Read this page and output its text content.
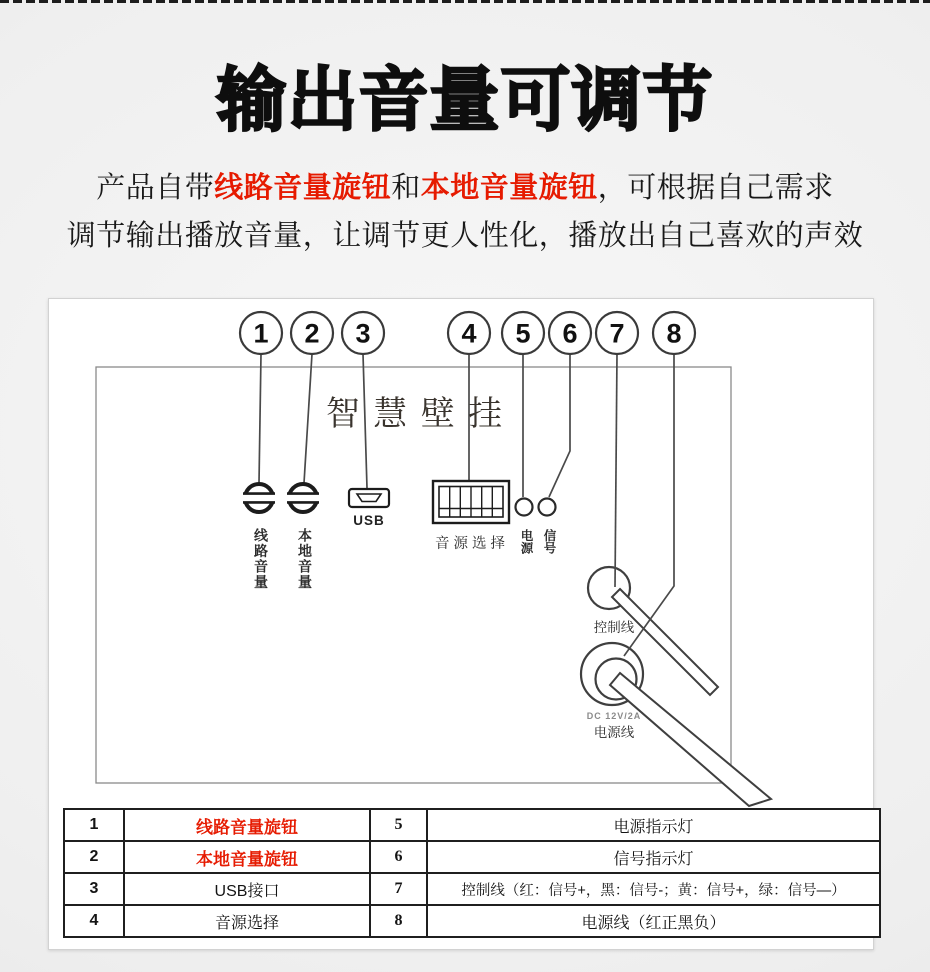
输出音量可调节

产品自带线路音量旋钮和本地音量旋钮，可根据自己需求
调节输出播放音量，让调节更人性化，播放出自己喜欢的声效

1 2 3	4 5 6 7 8
智 慧 壁 挂
USB
音 源 选 择
控制线
DC 12V/2A
电源线
线路音量 本地音量	电源 信号
1	线路音量旋钮	5	电源指示灯
2	本地音量旋钮	6	信号指示灯
3	USB接口	7	控制线（红：信号+，黑：信号-；黄：信号+，绿：信号—）
4	音源选择	8	电源线（红正黑负）
